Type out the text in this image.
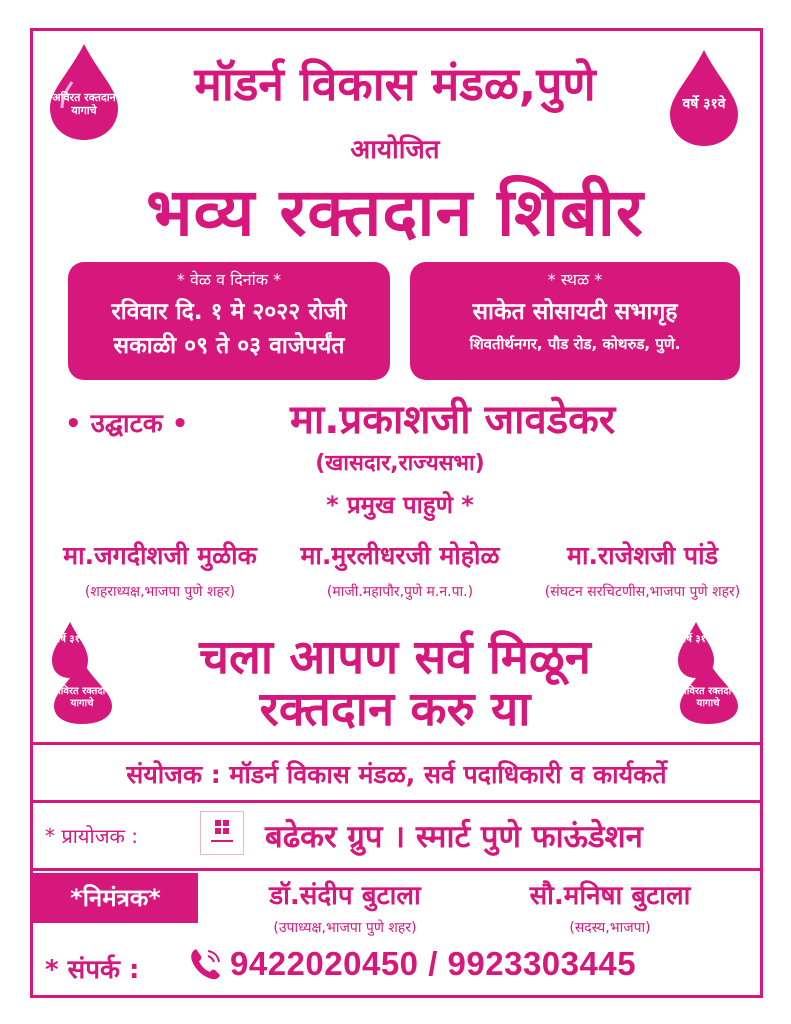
अविरत रक्तदान यागाचे	वर्षे ३१वे
मॉडर्न विकास मंडळ,पुणे
आयोजित
भव्य रक्तदान शिबीर
* वेळ व दिनांक *
रविवार दि. १ मे २०२२ रोजी
सकाळी ०९ ते ०३ वाजेपर्यंत
* स्थळ *
साकेत सोसायटी सभागृह
शिवतीर्थनगर, पौड रोड, कोथरुड, पुणे.
• उद्घाटक •	मा.प्रकाशजी जावडेकर
(खासदार,राज्यसभा)
* प्रमुख पाहुणे *
मा.जगदीशजी मुळीक
(शहराध्यक्ष,भाजपा पुणे शहर)
मा.मुरलीधरजी मोहोळ
(माजी.महापौर,पुणे म.न.पा.)
मा.राजेशजी पांडे
(संघटन सरचिटणीस,भाजपा पुणे शहर)
वर्षे ३१वे
अविरत रक्तदान यागाचे
वर्षे ३१वे
अविरत रक्तदान यागाचे
चला आपण सर्व मिळून
रक्तदान करु या
संयोजक : मॉडर्न विकास मंडळ, सर्व पदाधिकारी व कार्यकर्ते
* प्रायोजक :	बढेकर ग्रुप । स्मार्ट पुणे फाऊंडेशन
*निमंत्रक*	डॉ.संदीप बुटाला
(उपाध्यक्ष,भाजपा पुणे शहर)
सौ.मनिषा बुटाला
(सदस्य,भाजपा)
* संपर्क :	9422020450 / 9923303445
